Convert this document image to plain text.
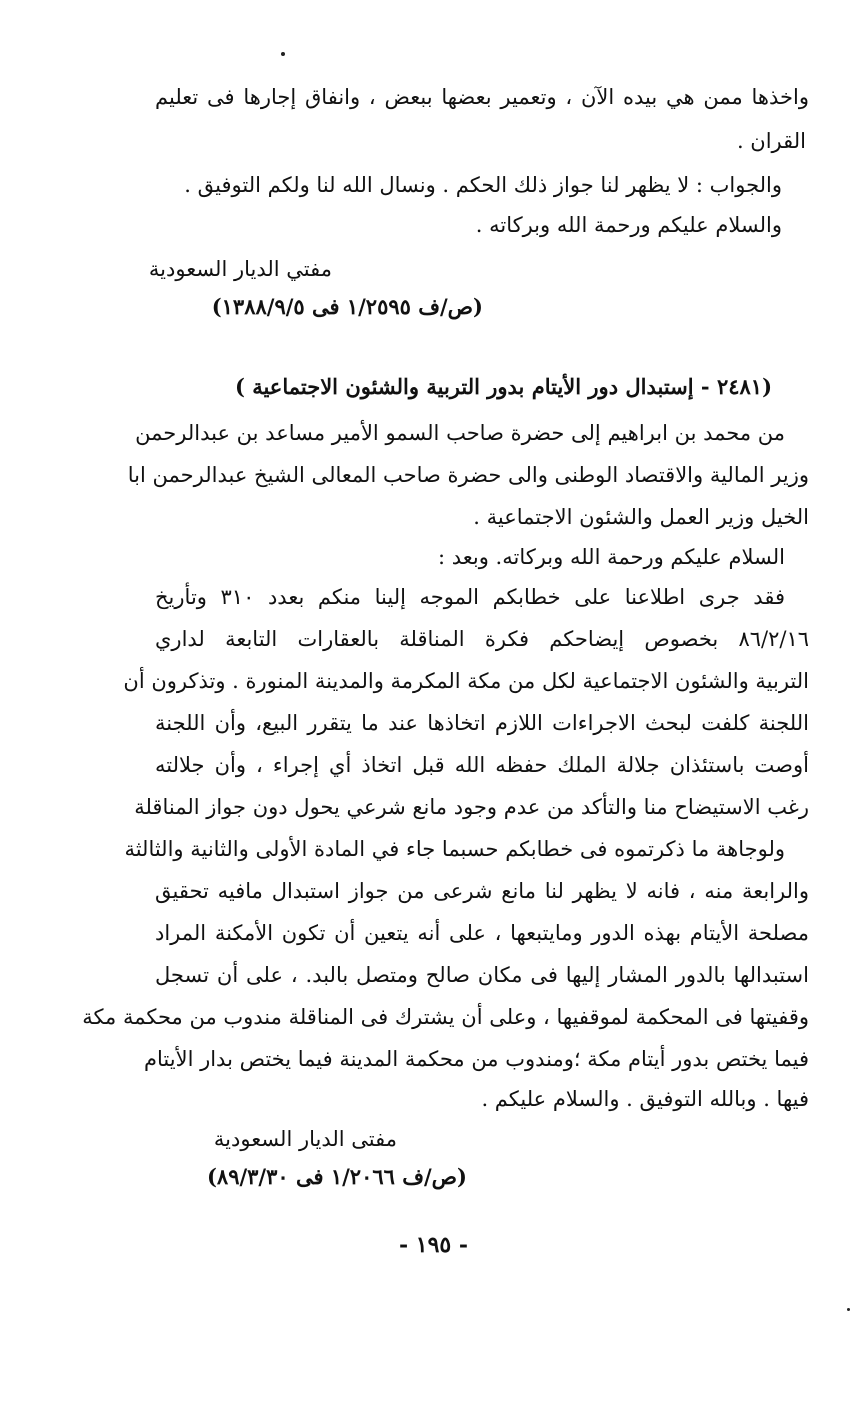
واخذها ممن هي بيده الآن ، وتعمير بعضها ببعض ، وانفاق إجارها فى تعليم
القران .
والجواب : لا يظهر لنا جواز ذلك الحكم . ونسال الله لنا ولكم التوفيق .
والسلام عليكم ورحمة الله وبركاته .
مفتي الديار السعودية
(ص/ف ١/٢٥٩٥ فى ١٣٨٨/٩/٥)
(٢٤٨١ - إستبدال دور الأيتام بدور التربية والشئون الاجتماعية )
من محمد بن ابراهيم إلى حضرة صاحب السمو الأمير مساعد بن عبدالرحمن
وزير المالية والاقتصاد الوطنى والى حضرة صاحب المعالى الشيخ عبدالرحمن ابا
الخيل وزير العمل والشئون الاجتماعية .
السلام عليكم ورحمة الله وبركاته. وبعد :
فقد جرى اطلاعنا على خطابكم الموجه إلينا منكم بعدد ٣١٠ وتأريخ
٨٦/٢/١٦ بخصوص إيضاحكم فكرة المناقلة بالعقارات التابعة لداري
التربية والشئون الاجتماعية لكل من مكة المكرمة والمدينة المنورة . وتذكرون أن
اللجنة كلفت لبحث الاجراءات اللازم اتخاذها عند ما يتقرر البيع، وأن اللجنة
أوصت باستئذان جلالة الملك حفظه الله قبل اتخاذ أي إجراء ، وأن جلالته
رغب الاستيضاح منا والتأكد من عدم وجود مانع شرعي يحول دون جواز المناقلة
ولوجاهة ما ذكرتموه فى خطابكم حسبما جاء في المادة الأولى والثانية والثالثة
والرابعة منه ، فانه لا يظهر لنا مانع شرعى من جواز استبدال مافيه تحقيق
مصلحة الأيتام بهذه الدور ومايتبعها ، على أنه يتعين أن تكون الأمكنة المراد
استبدالها بالدور المشار إليها فى مكان صالح ومتصل بالبد. ، على أن تسجل
وقفيتها فى المحكمة لموقفيها ، وعلى أن يشترك فى المناقلة مندوب من محكمة مكة
فيما يختص بدور أيتام مكة ؛ومندوب من محكمة المدينة فيما يختص بدار الأيتام
فيها . وبالله التوفيق . والسلام عليكم .
مفتى الديار السعودية
(ص/ف ١/٢٠٦٦ فى ٨٩/٣/٣٠)
- ١٩٥ -
